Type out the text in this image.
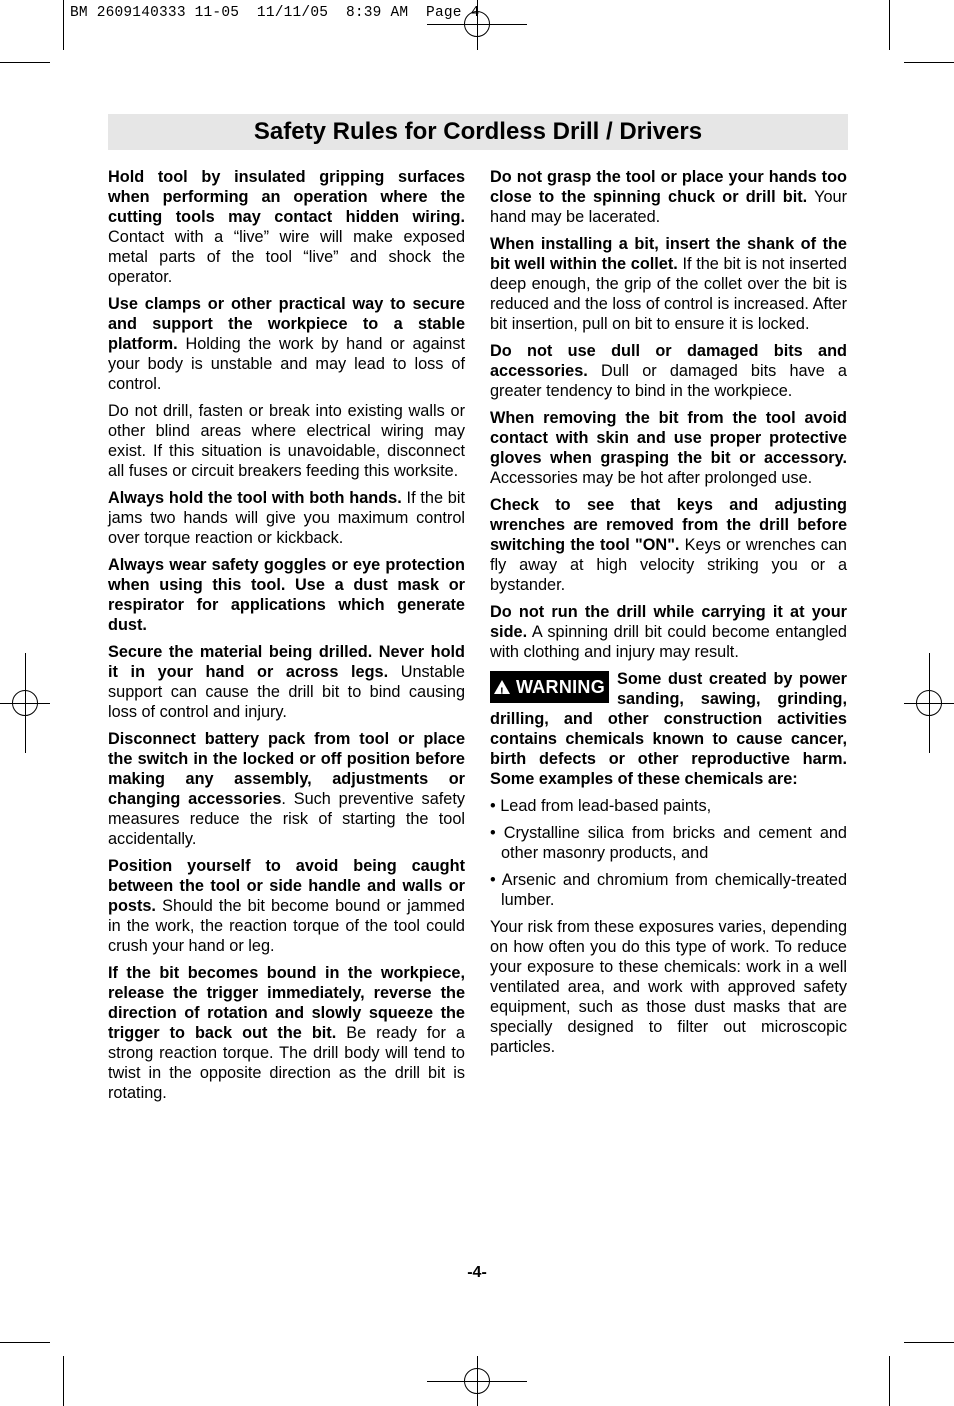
BM 2609140333 11-05  11/11/05  8:39 AM  Page 4
Safety Rules for Cordless Drill / Drivers

Hold tool by insulated gripping surfaces when performing an operation where the cutting tools may contact hidden wiring. Contact with a “live” wire will make exposed metal parts of the tool “live” and shock the operator.

Use clamps or other practical way to secure and support the workpiece to a stable platform. Holding the work by hand or against your body is unstable and may lead to loss of control.

Do not drill, fasten or break into existing walls or other blind areas where electrical wiring may exist. If this situation is unavoidable, disconnect all fuses or circuit breakers feeding this worksite.

Always hold the tool with both hands. If the bit jams two hands will give you maximum control over torque reaction or kickback.

Always wear safety goggles or eye protection when using this tool. Use a dust mask or respirator for applications which generate dust.

Secure the material being drilled. Never hold it in your hand or across legs. Unstable support can cause the drill bit to bind causing loss of control and injury.

Disconnect battery pack from tool or place the switch in the locked or off position before making any assembly, adjustments or changing accessories. Such preventive safety measures reduce the risk of starting the tool accidentally.

Position yourself to avoid being caught between the tool or side handle and walls or posts. Should the bit become bound or jammed in the work, the reaction torque of the tool could crush your hand or leg.

If the bit becomes bound in the workpiece, release the trigger immediately, reverse the direction of rotation and slowly squeeze the trigger to back out the bit. Be ready for a strong reaction torque. The drill body will tend to twist in the opposite direction as the drill bit is rotating.

Do not grasp the tool or place your hands too close to the spinning chuck or drill bit. Your hand may be lacerated.

When installing a bit, insert the shank of the bit well within the collet. If the bit is not inserted deep enough, the grip of the collet over the bit is reduced and the loss of control is increased. After bit insertion, pull on bit to ensure it is locked.

Do not use dull or damaged bits and accessories. Dull or damaged bits have a greater tendency to bind in the workpiece.

When removing the bit from the tool avoid contact with skin and use proper protective gloves when grasping the bit or accessory. Accessories may be hot after prolonged use.

Check to see that keys and adjusting wrenches are removed from the drill before switching the tool "ON". Keys or wrenches can fly away at high velocity striking you or a bystander.

Do not run the drill while carrying it at your side. A spinning drill bit could become entangled with clothing and injury may result.

! WARNING Some dust created by power sanding, sawing, grinding, drilling, and other construction activities contains chemicals known to cause cancer, birth defects or other reproductive harm. Some examples of these chemicals are:

• Lead from lead-based paints,

• Crystalline silica from bricks and cement and other masonry products, and

• Arsenic and chromium from chemically-treated lumber.

Your risk from these exposures varies, depending on how often you do this type of work. To reduce your exposure to these chemicals: work in a well ventilated area, and work with approved safety equipment, such as those dust masks that are specially designed to filter out microscopic particles.

-4-
